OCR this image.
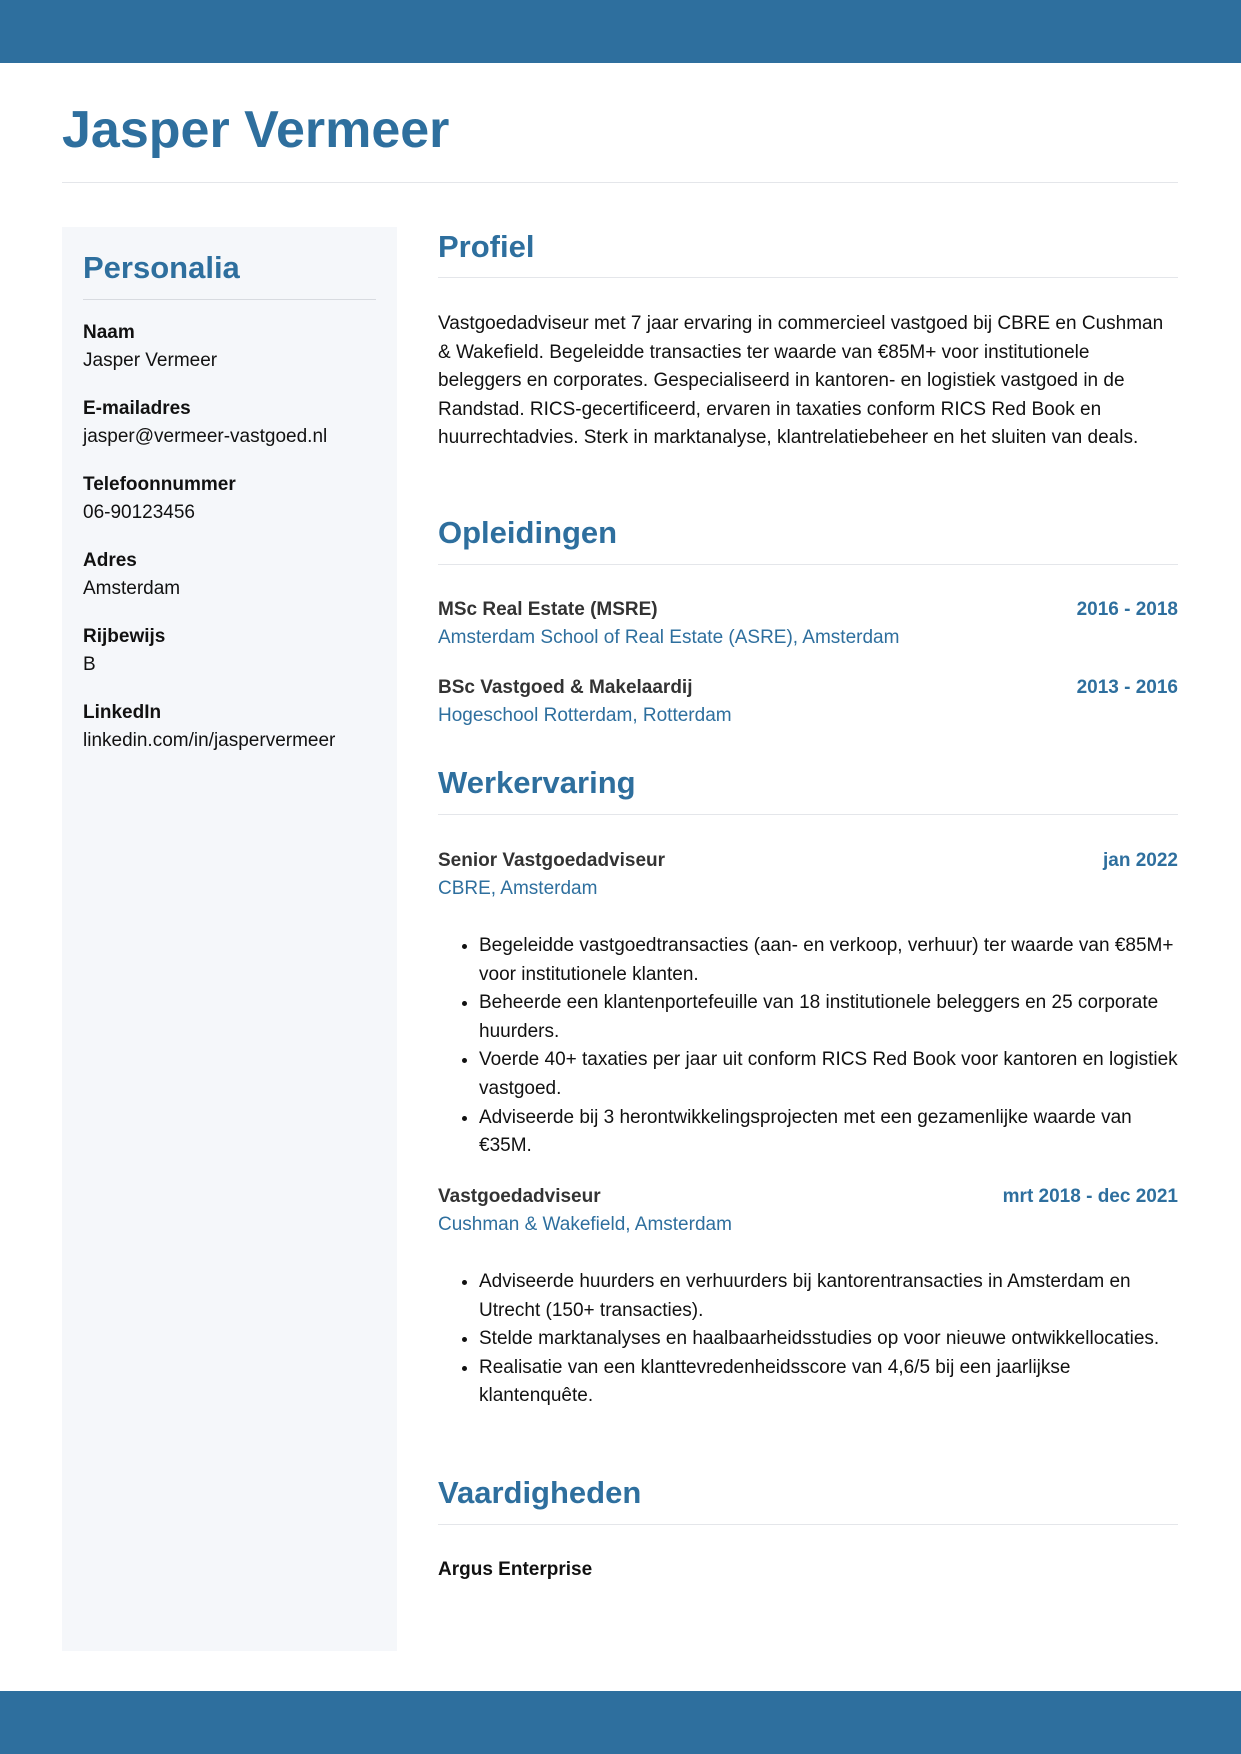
Jasper Vermeer
Personalia
Naam
Jasper Vermeer
E-mailadres
jasper@vermeer-vastgoed.nl
Telefoonnummer
06-90123456
Adres
Amsterdam
Rijbewijs
B
LinkedIn
linkedin.com/in/jaspervermeer
Profiel

Vastgoedadviseur met 7 jaar ervaring in commercieel vastgoed bij CBRE en Cushman & Wakefield. Begeleidde transacties ter waarde van €85M+ voor institutionele beleggers en corporates. Gespecialiseerd in kantoren- en logistiek vastgoed in de Randstad. RICS-gecertificeerd, ervaren in taxaties conform RICS Red Book en huurrechtadvies. Sterk in marktanalyse, klantrelatiebeheer en het sluiten van deals.

Opleidingen
MSc Real Estate (MSRE)	2016 - 2018
Amsterdam School of Real Estate (ASRE), Amsterdam
BSc Vastgoed & Makelaardij	2013 - 2016
Hogeschool Rotterdam, Rotterdam
Werkervaring
Senior Vastgoedadviseur	jan 2022
CBRE, Amsterdam
• Begeleidde vastgoedtransacties (aan- en verkoop, verhuur) ter waarde van €85M+ voor institutionele klanten.
• Beheerde een klantenportefeuille van 18 institutionele beleggers en 25 corporate huurders.
• Voerde 40+ taxaties per jaar uit conform RICS Red Book voor kantoren en logistiek vastgoed.
• Adviseerde bij 3 herontwikkelingsprojecten met een gezamenlijke waarde van €35M.
Vastgoedadviseur	mrt 2018 - dec 2021
Cushman & Wakefield, Amsterdam
• Adviseerde huurders en verhuurders bij kantorentransacties in Amsterdam en Utrecht (150+ transacties).
• Stelde marktanalyses en haalbaarheidsstudies op voor nieuwe ontwikkellocaties.
• Realisatie van een klanttevredenheidsscore van 4,6/5 bij een jaarlijkse klantenquête.
Vaardigheden
Argus Enterprise
